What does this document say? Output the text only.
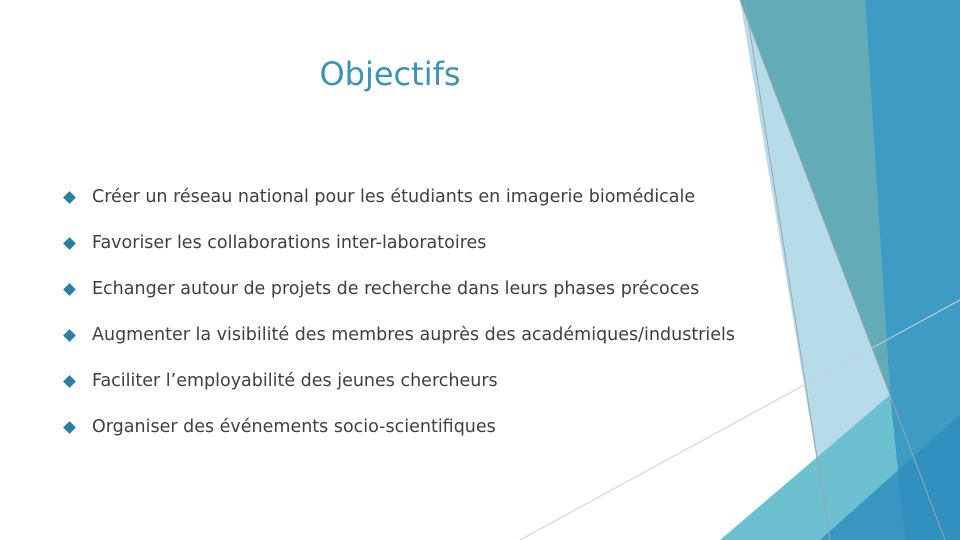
Objectifs
Créer un réseau national pour les étudiants en imagerie biomédicale
Favoriser les collaborations inter-laboratoires
Echanger autour de projets de recherche dans leurs phases précoces
Augmenter la visibilité des membres auprès des académiques/industriels
Faciliter l’employabilité des jeunes chercheurs
Organiser des événements socio-scientifiques
